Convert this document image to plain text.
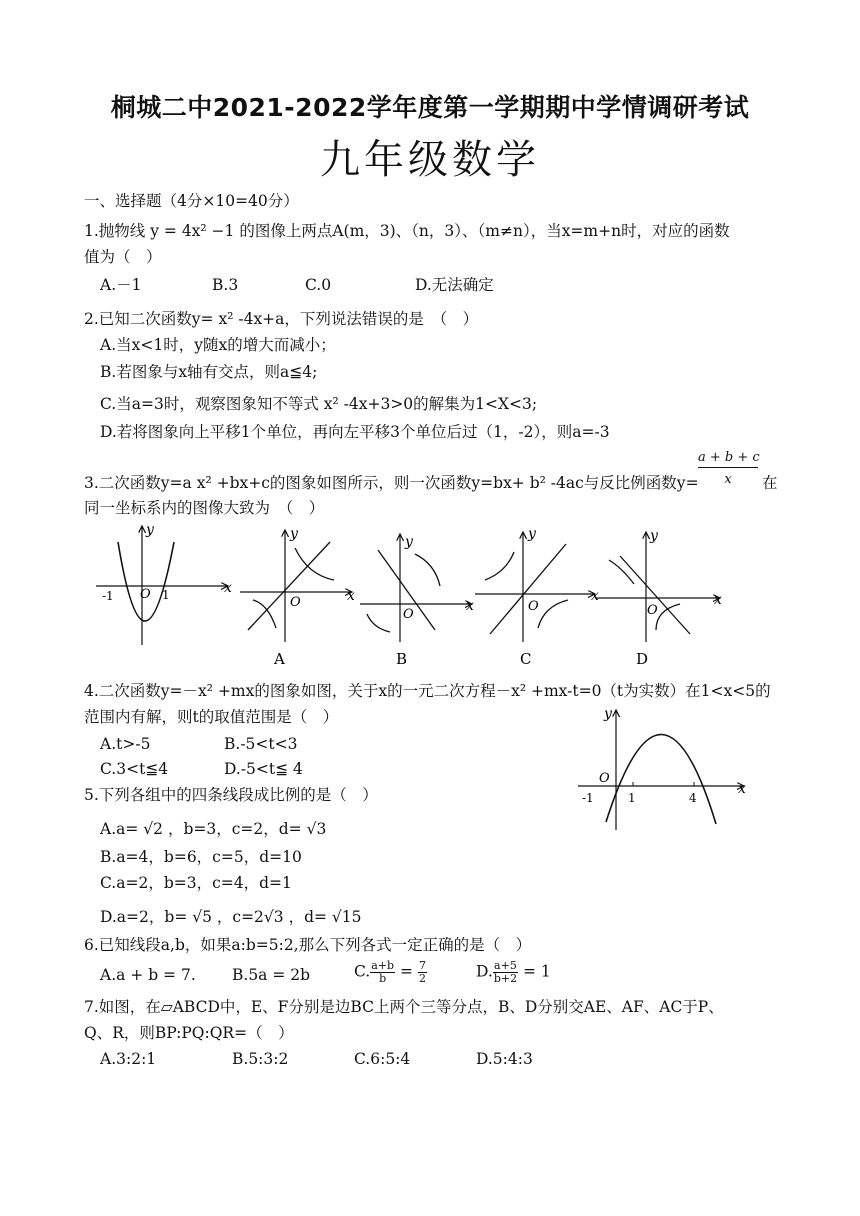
桐城二中2021-2022学年度第一学期期中学情调研考试
九年级数学
一、选择题（4分×10=40分）
1.抛物线 y = 4x² −1 的图像上两点A(m，3)、（n，3）、（m≠n），当x=m+n时，对应的函数
值为（　）
A.－1	B.3	C.0	D.无法确定
2.已知二次函数y= x² -4x+a，下列说法错误的是　（　）
A.当x<1时，y随x的增大而减小；
B.若图象与x轴有交点，则a≦4;
C.当a=3时，观察图象知不等式 x² -4x+3>0的解集为1<X<3;
D.若将图象向上平移1个单位，再向左平移3个单位后过（1，-2），则a=-3
3.二次函数y=a x² +bx+c的图象如图所示，则一次函数y=bx+ b² -4ac与反比例函数$y= \frac{a + b + c}{x}$ 在
同一坐标系内的图像大致为　（　）
-1 O 1	x
y
O	x
y
O
x
y
O
x
y
O
x
y
A	B	C	D
4.二次函数y=－x² +mx的图象如图，关于x的一元二次方程－x² +mx-t=0（t为实数）在1<x<5的
范围内有解，则t的取值范围是（　）
A.t>-5	B.-5<t<3
C.3<t≦4	D.-5<t≦ 4
y
x
O
-1	1	4
5.下列各组中的四条线段成比例的是（　）
A.a= √2 ，b=3，c=2，d= √3
B.a=4，b=6，c=5，d=10
C.a=2，b=3，c=4，d=1
D.a=2，b= √5 ，c=2√3 ，d= √15
6.已知线段a,b，如果a:b=5:2,那么下列各式一定正确的是（　）
A.a + b = 7. B.5a = 2b	C. $\frac{a+b}{b} = \frac{7}{2}$	D. $\frac{a+5}{b+2} = 1$
7.如图，在▱ABCD中，E、F分别是边BC上两个三等分点，B、D分别交AE、AF、AC于P、
Q、R，则BP:PQ:QR=（　）
A.3:2:1	B.5:3:2	C.6:5:4	D.5:4:3
